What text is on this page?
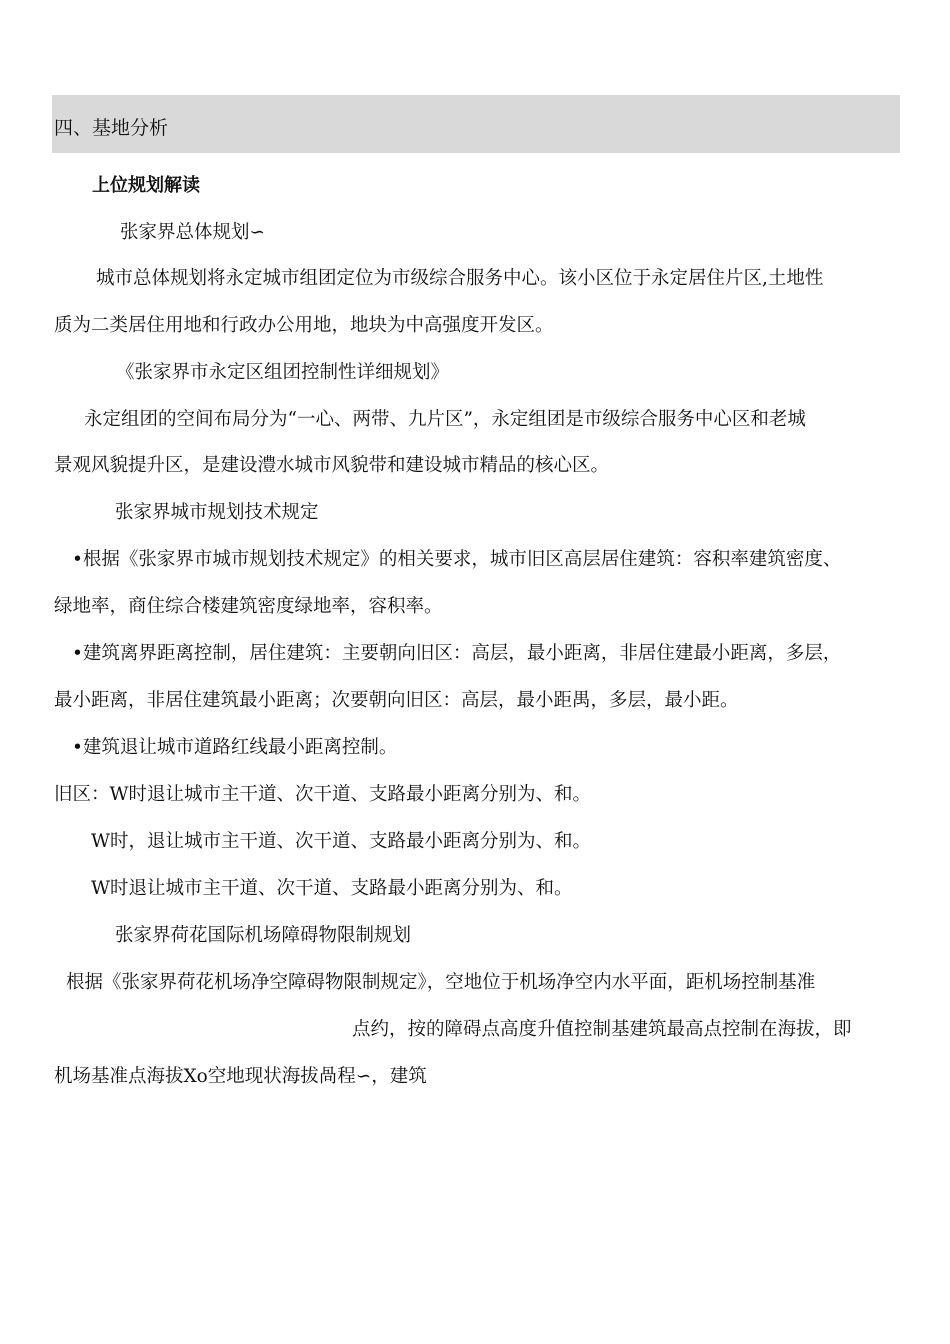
四、基地分析
上位规划解读
张家界总体规划∽
城市总体规划将永定城市组团定位为市级综合服务中心。该小区位于永定居住片区,土地性
质为二类居住用地和行政办公用地，地块为中高强度开发区。
《张家界市永定区组团控制性详细规划》
永定组团的空间布局分为“一心、两带、九片区”，永定组团是市级综合服务中心区和老城
景观风貌提升区，是建设澧水城市风貌带和建设城市精品的核心区。
张家界城市规划技术规定
•根据《张家界市城市规划技术规定》的相关要求，城市旧区高层居住建筑：容积率建筑密度、
绿地率，商住综合楼建筑密度绿地率，容积率。
•建筑离界距离控制，居住建筑：主要朝向旧区：高层，最小距离，非居住建最小距离，多层，
最小距离，非居住建筑最小距离；次要朝向旧区：高层，最小距禺，多层，最小距。
•建筑退让城市道路红线最小距离控制。
旧区：W时退让城市主干道、次干道、支路最小距离分别为、和。
W时，退让城市主干道、次干道、支路最小距离分别为、和。
W时退让城市主干道、次干道、支路最小距离分别为、和。
张家界荷花国际机场障碍物限制规划
根据《张家界荷花机场净空障碍物限制规定》，空地位于机场净空内水平面，距机场控制基准
点约，按的障碍点高度升值控制基建筑最高点控制在海拔，即
机场基准点海拔Xo空地现状海拔咼程∽，建筑
